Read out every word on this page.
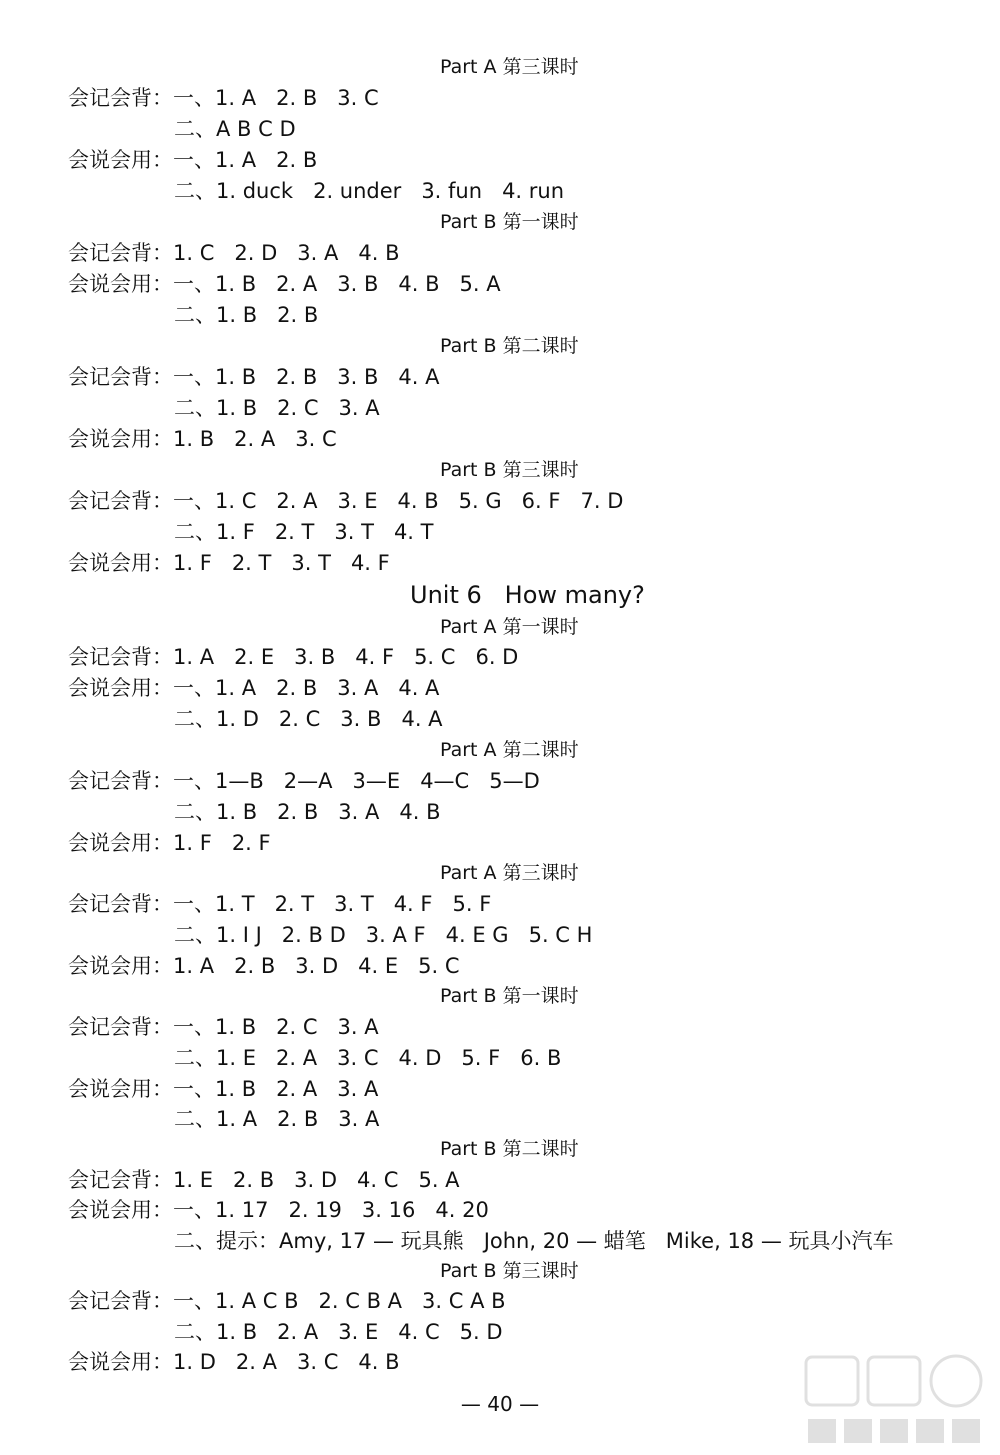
Part A 第三课时
会记会背：一、1. A   2. B   3. C
二、A B C D
会说会用：一、1. A   2. B
二、1. duck   2. under   3. fun   4. run
Part B 第一课时
会记会背：1. C   2. D   3. A   4. B
会说会用：一、1. B   2. A   3. B   4. B   5. A
二、1. B   2. B
Part B 第二课时
会记会背：一、1. B   2. B   3. B   4. A
二、1. B   2. C   3. A
会说会用：1. B   2. A   3. C
Part B 第三课时
会记会背：一、1. C   2. A   3. E   4. B   5. G   6. F   7. D
二、1. F   2. T   3. T   4. T
会说会用：1. F   2. T   3. T   4. F
Unit 6   How many?
Part A 第一课时
会记会背：1. A   2. E   3. B   4. F   5. C   6. D
会说会用：一、1. A   2. B   3. A   4. A
二、1. D   2. C   3. B   4. A
Part A 第二课时
会记会背：一、1—B   2—A   3—E   4—C   5—D
二、1. B   2. B   3. A   4. B
会说会用：1. F   2. F
Part A 第三课时
会记会背：一、1. T   2. T   3. T   4. F   5. F
二、1. I J   2. B D   3. A F   4. E G   5. C H
会说会用：1. A   2. B   3. D   4. E   5. C
Part B 第一课时
会记会背：一、1. B   2. C   3. A
二、1. E   2. A   3. C   4. D   5. F   6. B
会说会用：一、1. B   2. A   3. A
二、1. A   2. B   3. A
Part B 第二课时
会记会背：1. E   2. B   3. D   4. C   5. A
会说会用：一、1. 17   2. 19   3. 16   4. 20
二、提示：Amy, 17 — 玩具熊   John, 20 — 蜡笔   Mike, 18 — 玩具小汽车
Part B 第三课时
会记会背：一、1. A C B   2. C B A   3. C A B
二、1. B   2. A   3. E   4. C   5. D
会说会用：1. D   2. A   3. C   4. B
— 40 —
